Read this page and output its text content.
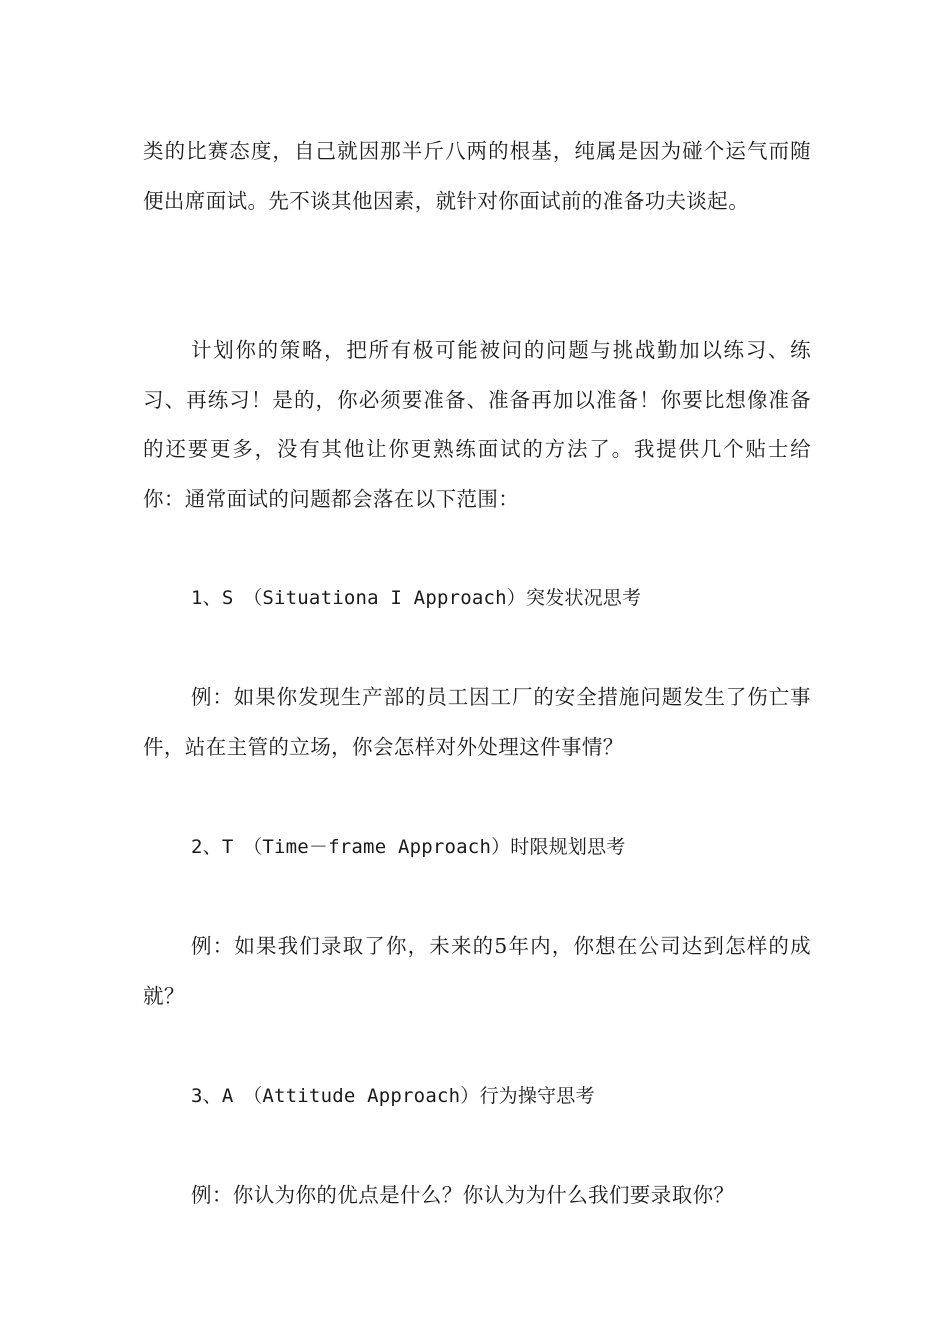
类的比赛态度，自己就因那半斤八两的根基，纯属是因为碰个运气而随便出席面试。先不谈其他因素，就针对你面试前的准备功夫谈起。

计划你的策略，把所有极可能被问的问题与挑战勤加以练习、练习、再练习！是的，你必须要准备、准备再加以准备！你要比想像准备的还要更多，没有其他让你更熟练面试的方法了。我提供几个贴士给你：通常面试的问题都会落在以下范围：

1、S　（Situationa I Approach）突发状况思考

例：如果你发现生产部的员工因工厂的安全措施问题发生了伤亡事件，站在主管的立场，你会怎样对外处理这件事情？

2、T　（Time－frame Approach）时限规划思考

例：如果我们录取了你，未来的5年内，你想在公司达到怎样的成就？

3、A　（Attitude Approach）行为操守思考

例：你认为你的优点是什么？你认为为什么我们要录取你？
